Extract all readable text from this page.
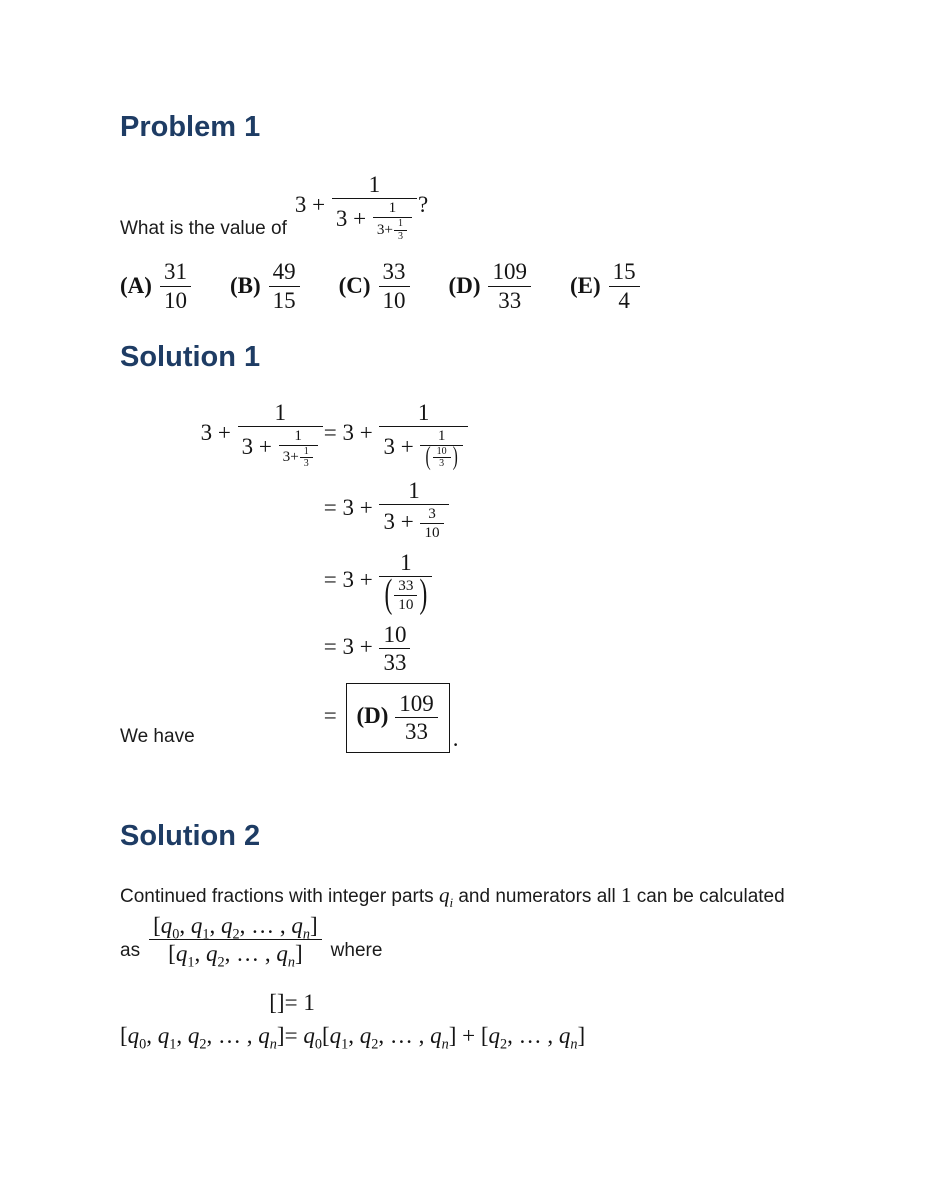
Problem 1
What is the value of
$3 + \frac{1}{3 + \frac{1}{3+ \frac{1}{3}}}$ ?
(A)
31
10
(B)
49
15
(C)
33
10
(D)
109
33
(E)
15
4
Solution 1
We have
$3 + \frac{1}{3 + \frac{1}{3+ \frac{1}{3}}} = 3 + \frac{1}{3 + \frac{1}{( \frac{10}{3} )}}$
= $3 + \frac{1}{3 + \frac{3}{10}}$
= $3 + \frac{1}{( \frac{33}{10} )}$
= $3 + \frac{10}{33}$
= $(D) \frac{109}{33}$ .
Solution 2
Continued fractions with integer parts $q_i$ and numerators all 1 can be calculated
as $\frac{[q_0, q_1, q_2, \dots , q_n]}{[q_1, q_2, \dots , q_n]}$ where
[] = 1
[$q_0$, $q_1$, $q_2$, … , $q_n] = q_0[q_1$, $q_2$, … , $q_n] + [q_2$, … , $q_n$]
